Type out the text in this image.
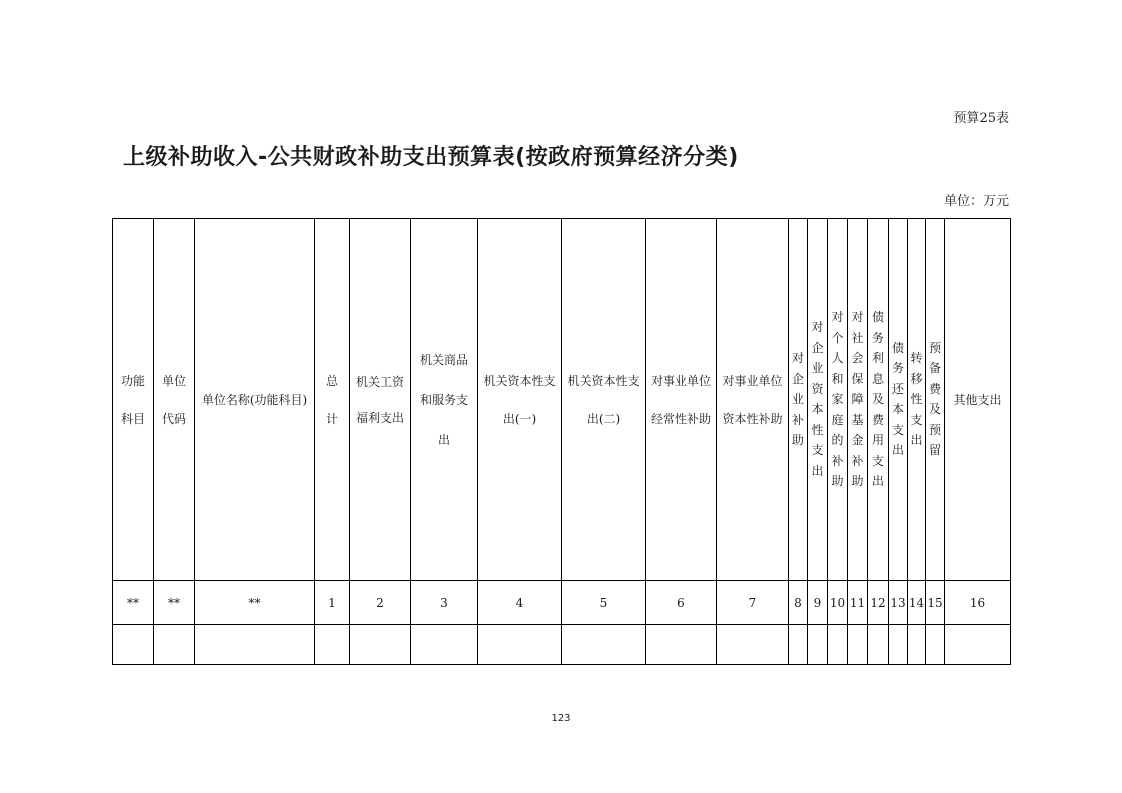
预算25表
上级补助收入-公共财政补助支出预算表(按政府预算经济分类)
单位：万元
功能科目	单位代码	单位名称(功能科目)	总计	机关工资福利支出	机关商品和服务支出	机关资本性支出(一)	机关资本性支出(二)	对事业单位经常性补助	对事业单位资本性补助	对企业补助	对企业资本性支出	对个人和家庭的补助	对社会保障基金补助	债务利息及费用支出	债务还本支出	转移性支出	预备费及预留	其他支出

**	**	**	1	2	3	4	5	6	7	8	9	10	11	12	13	14	15	16

123
